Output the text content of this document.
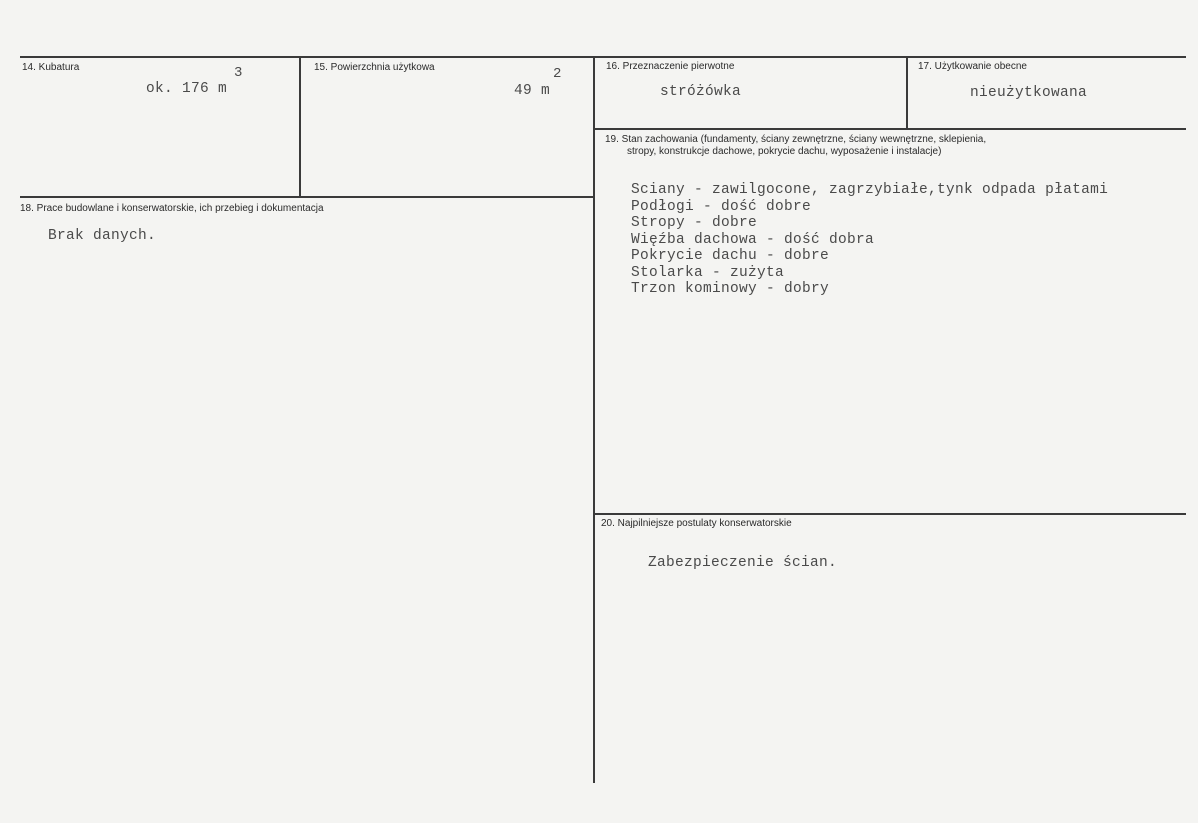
14. Kubatura	3
ok. 176 m
15. Powierzchnia użytkowa	2
49 m
16. Przeznaczenie pierwotne
stróżówka
17. Użytkowanie obecne
nieużytkowana
18. Prace budowlane i konserwatorskie, ich przebieg i dokumentacja
Brak danych.
19. Stan zachowania (fundamenty, ściany zewnętrzne, ściany wewnętrzne, sklepienia,
stropy, konstrukcje dachowe, pokrycie dachu, wyposażenie i instalacje)
Sciany - zawilgocone, zagrzybiałe,tynk odpada płatami
Podłogi - dość dobre
Stropy - dobre
Więźba dachowa - dość dobra
Pokrycie dachu - dobre
Stolarka - zużyta
Trzon kominowy - dobry
20. Najpilniejsze postulaty konserwatorskie
Zabezpieczenie ścian.
